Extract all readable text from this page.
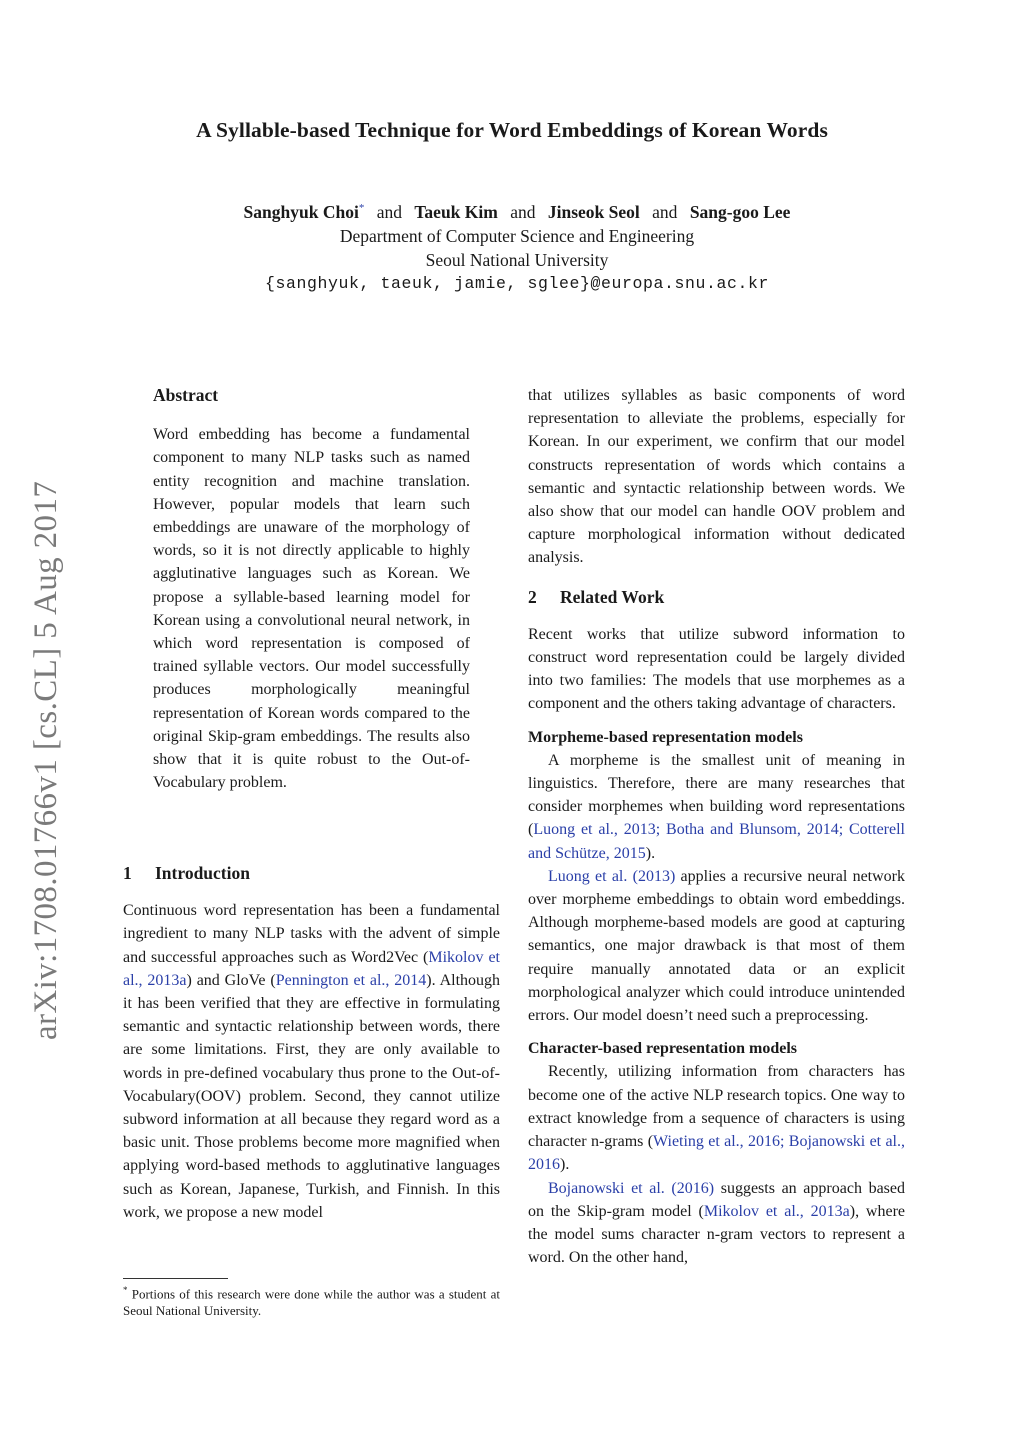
A Syllable-based Technique for Word Embeddings of Korean Words
Sanghyuk Choi* and Taeuk Kim and Jinseok Seol and Sang-goo Lee
Department of Computer Science and Engineering
Seoul National University
{sanghyuk, taeuk, jamie, sglee}@europa.snu.ac.kr
arXiv:1708.01766v1 [cs.CL] 5 Aug 2017

Abstract

Word embedding has become a fundamental component to many NLP tasks such as named entity recognition and machine translation. However, popular models that learn such embeddings are unaware of the morphology of words, so it is not directly applicable to highly agglutinative languages such as Korean. We propose a syllable-based learning model for Korean using a convolutional neural network, in which word representation is composed of trained syllable vectors. Our model successfully produces morphologically meaningful representation of Korean words compared to the original Skip-gram embeddings. The results also show that it is quite robust to the Out-of-Vocabulary problem.

1 Introduction

Continuous word representation has been a fundamental ingredient to many NLP tasks with the advent of simple and successful approaches such as Word2Vec (Mikolov et al., 2013a) and GloVe (Pennington et al., 2014). Although it has been verified that they are effective in formulating semantic and syntactic relationship between words, there are some limitations. First, they are only available to words in pre-defined vocabulary thus prone to the Out-of-Vocabulary(OOV) problem. Second, they cannot utilize subword information at all because they regard word as a basic unit. Those problems become more magnified when applying word-based methods to agglutinative languages such as Korean, Japanese, Turkish, and Finnish. In this work, we propose a new model

* Portions of this research were done while the author was a student at Seoul National University.

that utilizes syllables as basic components of word representation to alleviate the problems, especially for Korean. In our experiment, we confirm that our model constructs representation of words which contains a semantic and syntactic relationship between words. We also show that our model can handle OOV problem and capture morphological information without dedicated analysis.

2 Related Work

Recent works that utilize subword information to construct word representation could be largely divided into two families: The models that use morphemes as a component and the others taking advantage of characters.

Morpheme-based representation models

A morpheme is the smallest unit of meaning in linguistics. Therefore, there are many researches that consider morphemes when building word representations (Luong et al., 2013; Botha and Blunsom, 2014; Cotterell and Schütze, 2015).

Luong et al. (2013) applies a recursive neural network over morpheme embeddings to obtain word embeddings. Although morpheme-based models are good at capturing semantics, one major drawback is that most of them require manually annotated data or an explicit morphological analyzer which could introduce unintended errors. Our model doesn’t need such a preprocessing.

Character-based representation models

Recently, utilizing information from characters has become one of the active NLP research topics. One way to extract knowledge from a sequence of characters is using character n-grams (Wieting et al., 2016; Bojanowski et al., 2016).

Bojanowski et al. (2016) suggests an approach based on the Skip-gram model (Mikolov et al., 2013a), where the model sums character n-gram vectors to represent a word. On the other hand,
